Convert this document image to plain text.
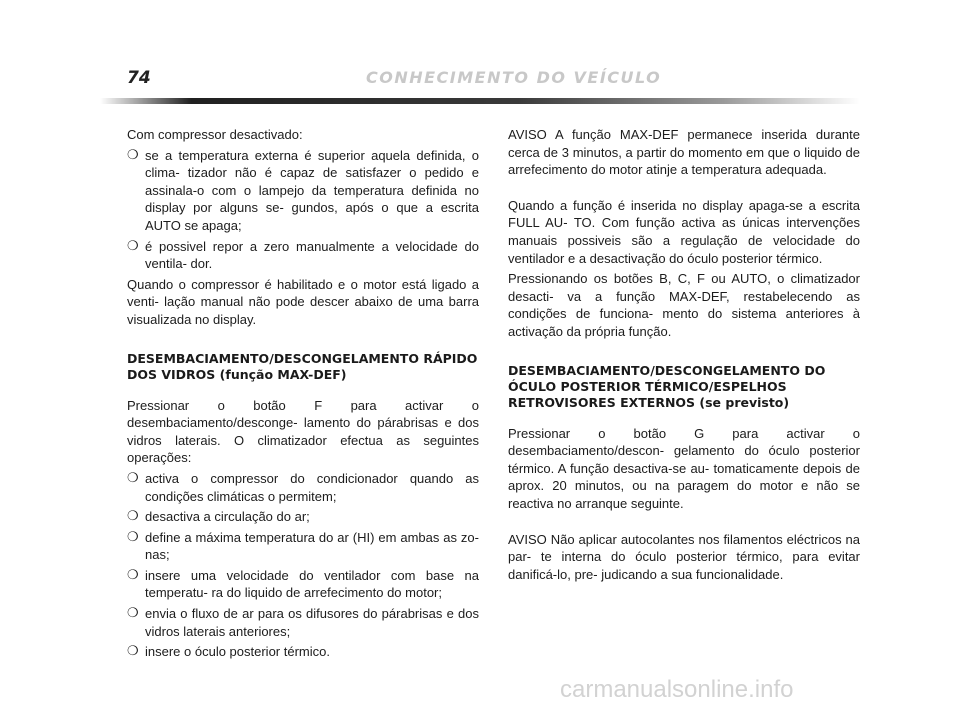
74	CONHECIMENTO DO VEÍCULO

Com compressor desactivado:

❍ se a temperatura externa é superior aquela definida, o clima- tizador não é capaz de satisfazer o pedido e assinala-o com o lampejo da temperatura definida no display por alguns se- gundos, após o que a escrita AUTO se apaga;
❍ é possivel repor a zero manualmente a velocidade do ventila- dor.

Quando o compressor é habilitado e o motor está ligado a venti- lação manual não pode descer abaixo de uma barra visualizada no display.

DESEMBACIAMENTO/DESCONGELAMENTO RÁPIDO DOS VIDROS (função MAX-DEF)

Pressionar o botão F para activar o desembaciamento/desconge- lamento do párabrisas e dos vidros laterais. O climatizador efectua as seguintes operações:

❍ activa o compressor do condicionador quando as condições climáticas o permitem;
❍ desactiva a circulação do ar;
❍ define a máxima temperatura do ar (HI) em ambas as zo- nas;
❍ insere uma velocidade do ventilador com base na temperatu- ra do liquido de arrefecimento do motor;
❍ envia o fluxo de ar para os difusores do párabrisas e dos vidros laterais anteriores;
❍ insere o óculo posterior térmico.

AVISO A função MAX-DEF permanece inserida durante cerca de 3 minutos, a partir do momento em que o liquido de arrefecimento do motor atinje a temperatura adequada.

Quando a função é inserida no display apaga-se a escrita FULL AU- TO. Com função activa as únicas intervenções manuais possiveis são a regulação de velocidade do ventilador e a desactivação do óculo posterior térmico.

Pressionando os botões B, C, F ou AUTO, o climatizador desacti- va a função MAX-DEF, restabelecendo as condições de funciona- mento do sistema anteriores à activação da própria função.

DESEMBACIAMENTO/DESCONGELAMENTO DO ÓCULO POSTERIOR TÉRMICO/ESPELHOS RETROVISORES EXTERNOS (se previsto)

Pressionar o botão G para activar o desembaciamento/descon- gelamento do óculo posterior térmico. A função desactiva-se au- tomaticamente depois de aprox. 20 minutos, ou na paragem do motor e não se reactiva no arranque seguinte.

AVISO Não aplicar autocolantes nos filamentos eléctricos na par- te interna do óculo posterior térmico, para evitar danificá-lo, pre- judicando a sua funcionalidade.

carmanualsonline.info
